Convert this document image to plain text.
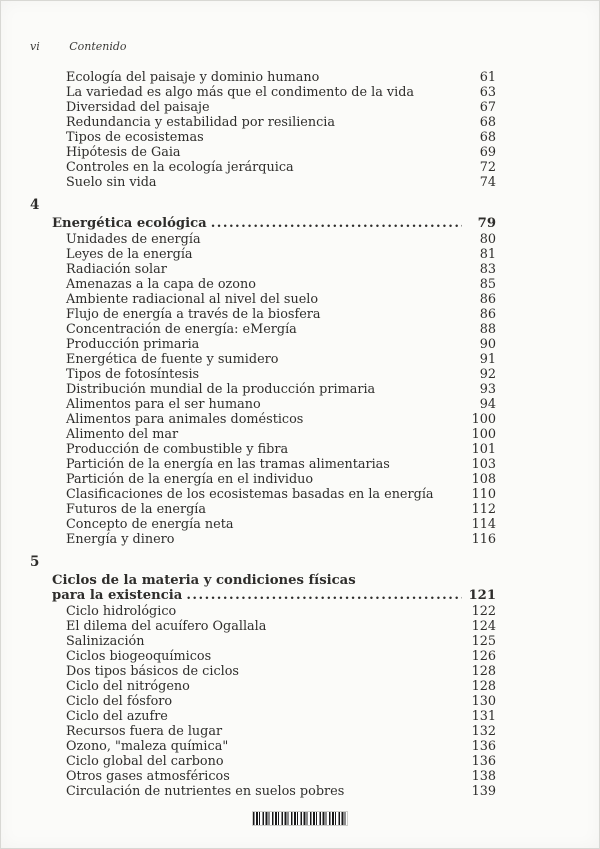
vi	Contenido
Ecología del paisaje y dominio humano	61
La variedad es algo más que el condimento de la vida	63
Diversidad del paisaje	67
Redundancia y estabilidad por resiliencia	68
Tipos de ecosistemas	68
Hipótesis de Gaia	69
Controles en la ecología jerárquica	72
Suelo sin vida	74
4
Energética ecológica .....	79
Unidades de energía	80
Leyes de la energía	81
Radiación solar	83
Amenazas a la capa de ozono	85
Ambiente radiacional al nivel del suelo	86
Flujo de energía a través de la biosfera	86
Concentración de energía: eMergía	88
Producción primaria	90
Energética de fuente y sumidero	91
Tipos de fotosíntesis	92
Distribución mundial de la producción primaria	93
Alimentos para el ser humano	94
Alimentos para animales domésticos	100
Alimento del mar	100
Producción de combustible y fibra	101
Partición de la energía en las tramas alimentarias	103
Partición de la energía en el individuo	108
Clasificaciones de los ecosistemas basadas en la energía	110
Futuros de la energía	112
Concepto de energía neta	114
Energía y dinero	116
5
Ciclos de la materia y condiciones físicas
para la existencia .....	121
Ciclo hidrológico	122
El dilema del acuífero Ogallala	124
Salinización	125
Ciclos biogeoquímicos	126
Dos tipos básicos de ciclos	128
Ciclo del nitrógeno	128
Ciclo del fósforo	130
Ciclo del azufre	131
Recursos fuera de lugar	132
Ozono, "maleza química"	136
Ciclo global del carbono	136
Otros gases atmosféricos	138
Circulación de nutrientes en suelos pobres	139
